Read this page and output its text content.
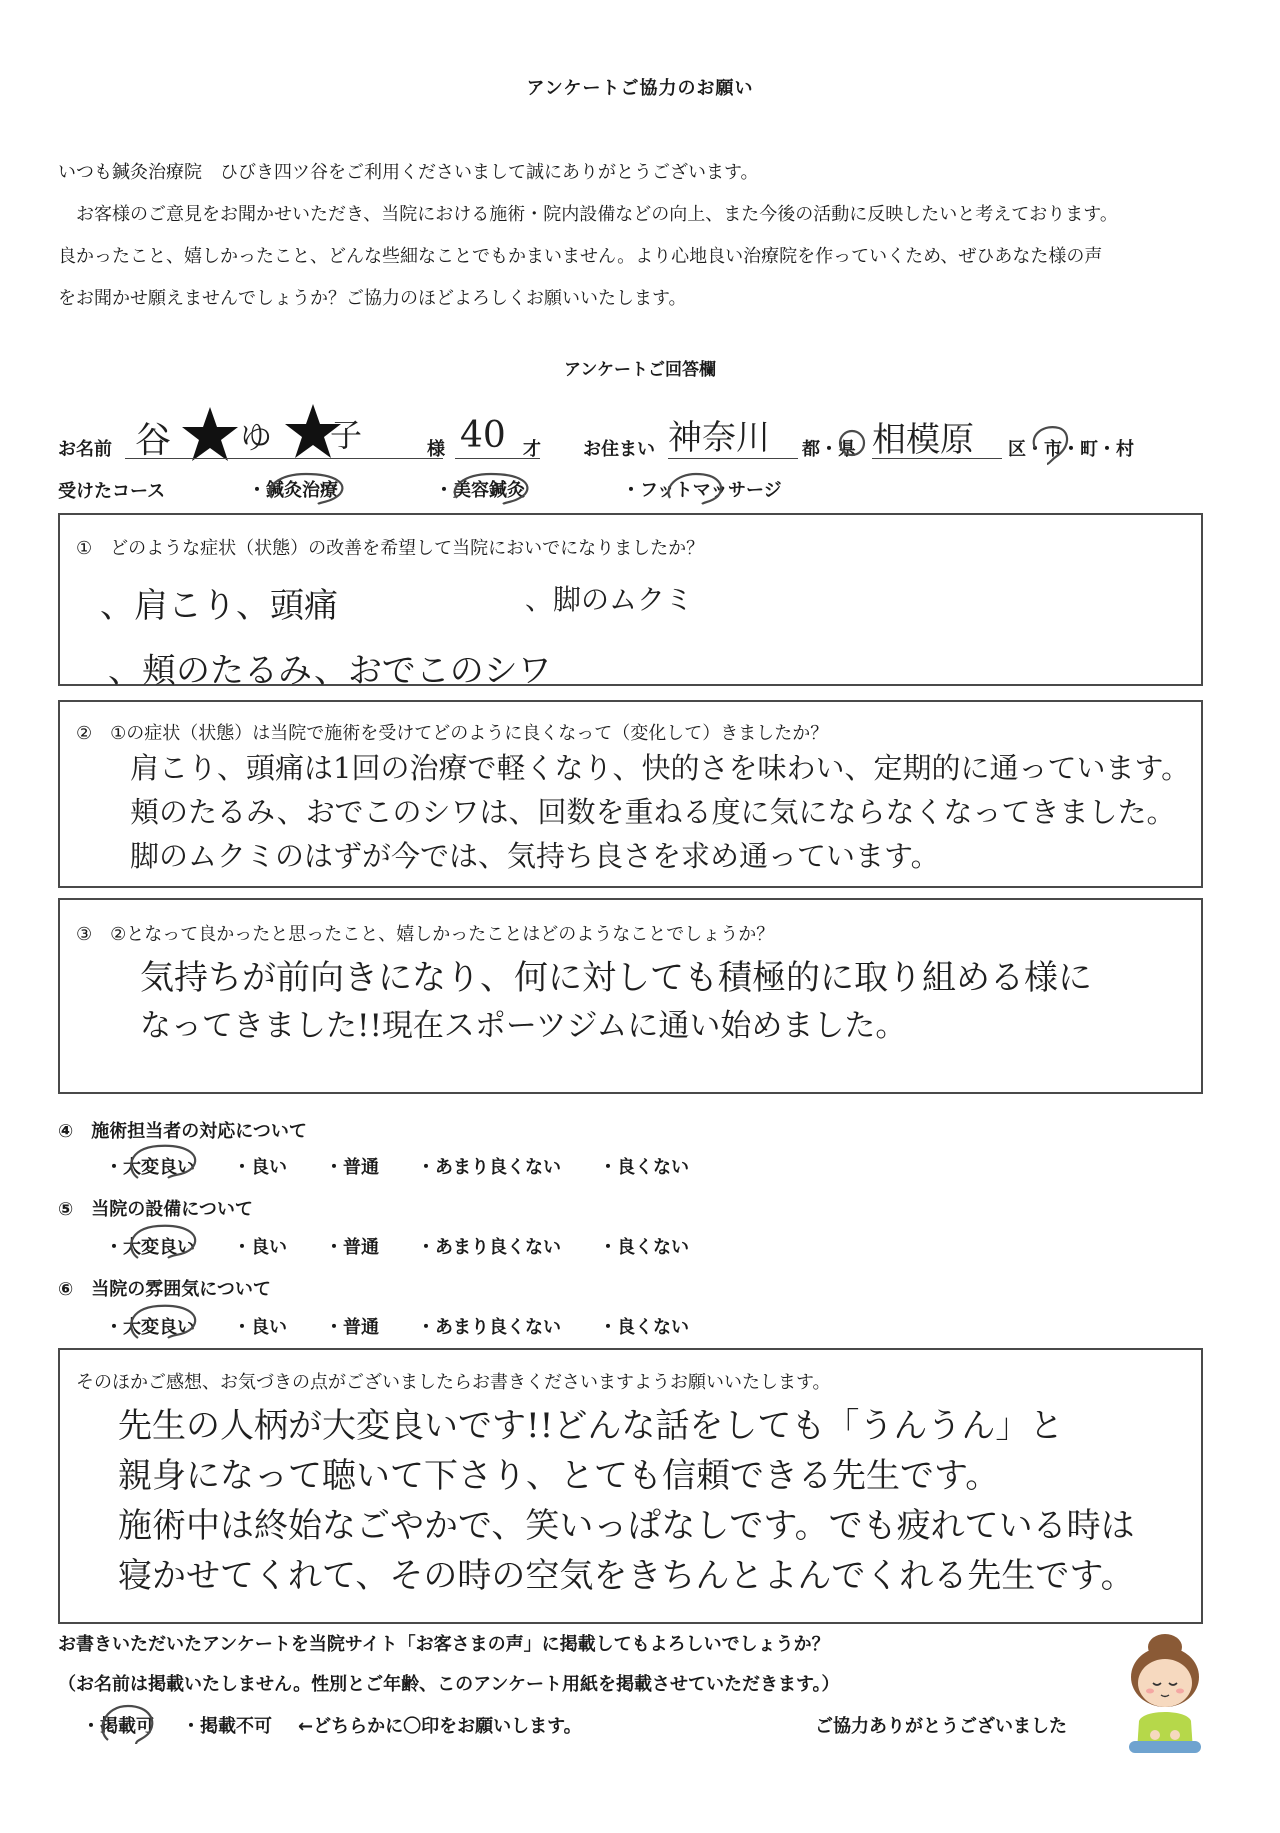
アンケートご協力のお願い

いつも鍼灸治療院　ひびき四ツ谷をご利用くださいまして誠にありがとうございます。

　お客様のご意見をお聞かせいただき、当院における施術・院内設備などの向上、また今後の活動に反映したいと考えております。

良かったこと、嬉しかったこと、どんな些細なことでもかまいません。より心地良い治療院を作っていくため、ぜひあなた様の声

をお聞かせ願えませんでしょうか？ご協力のほどよろしくお願いいたします。

アンケートご回答欄
お名前 谷 ゆ 子	様 40 才 お住まい 神奈川 都・県 相模原 区・市・町・村
受けたコース	・鍼灸治療	・美容鍼灸	・フットマッサージ
①　どのような症状（状態）の改善を希望して当院においでになりましたか？
、肩こり、頭痛	、脚のムクミ
、頬のたるみ、おでこのシワ
②　①の症状（状態）は当院で施術を受けてどのように良くなって（変化して）きましたか？
肩こり、頭痛は1回の治療で軽くなり、快的さを味わい、定期的に通っています。
頬のたるみ、おでこのシワは、回数を重ねる度に気にならなくなってきました。
脚のムクミのはずが今では、気持ち良さを求め通っています。
③　②となって良かったと思ったこと、嬉しかったことはどのようなことでしょうか？
気持ちが前向きになり、何に対しても積極的に取り組める様に
なってきました!!現在スポーツジムに通い始めました。
④　施術担当者の対応について
・大変良い ・良い ・普通 ・あまり良くない ・良くない
⑤　当院の設備について
・大変良い ・良い ・普通 ・あまり良くない ・良くない
⑥　当院の雰囲気について
・大変良い ・良い ・普通 ・あまり良くない ・良くない
そのほかご感想、お気づきの点がございましたらお書きくださいますようお願いいたします。
先生の人柄が大変良いです!!どんな話をしても「うんうん」と
親身になって聴いて下さり、とても信頼できる先生です。
施術中は終始なごやかで、笑いっぱなしです。でも疲れている時は
寝かせてくれて、その時の空気をきちんとよんでくれる先生です。
お書きいただいたアンケートを当院サイト「お客さまの声」に掲載してもよろしいでしょうか？
（お名前は掲載いたしません。性別とご年齢、このアンケート用紙を掲載させていただきます。）
・掲載可 ・掲載不可 ←どちらかに〇印をお願いします。	ご協力ありがとうございました
